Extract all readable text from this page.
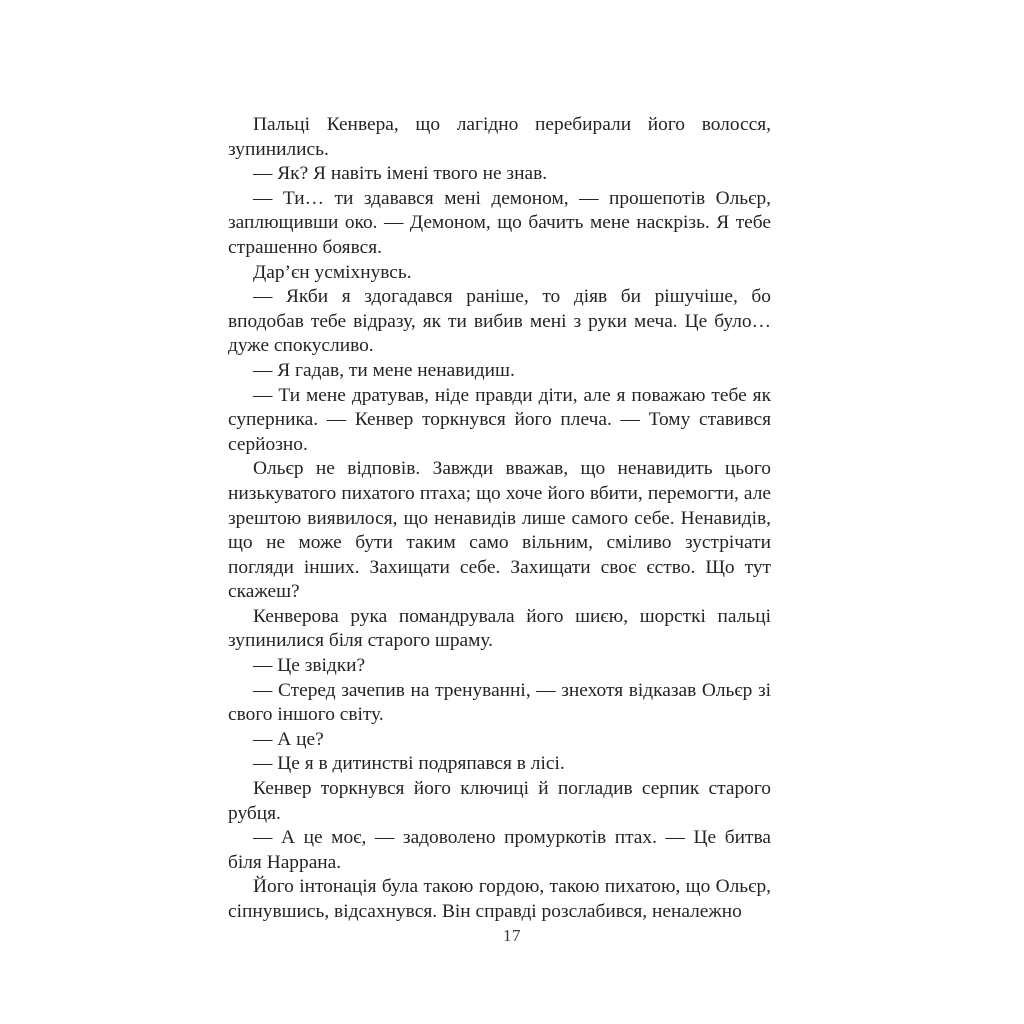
Пальці Кенвера, що лагідно перебирали його волосся, зупинились.

— Як? Я навіть імені твого не знав.

— Ти… ти здавався мені демоном, — прошепотів Ольєр, заплющивши око. — Демоном, що бачить мене наскрізь. Я тебе страшенно боявся.

Дар’єн усміхнувсь.

— Якби я здогадався раніше, то діяв би рішучіше, бо вподобав тебе відразу, як ти вибив мені з руки меча. Це було… дуже спокусливо.

— Я гадав, ти мене ненавидиш.

— Ти мене дратував, ніде правди діти, але я поважаю тебе як суперника. — Кенвер торкнувся його плеча. — Тому ставився серйозно.

Ольєр не відповів. Завжди вважав, що ненавидить цього низькуватого пихатого птаха; що хоче його вбити, перемогти, але зрештою виявилося, що ненавидів лише самого себе. Ненавидів, що не може бути таким само вільним, сміливо зустрічати погляди інших. Захищати себе. Захищати своє єство. Що тут скажеш?

Кенверова рука помандрувала його шиєю, шорсткі пальці зупинилися біля старого шраму.

— Це звідки?

— Стеред зачепив на тренуванні, — знехотя відказав Ольєр зі свого іншого світу.

— А це?

— Це я в дитинстві подряпався в лісі.

Кенвер торкнувся його ключиці й погладив серпик старого рубця.

— А це моє, — задоволено промуркотів птах. — Це битва біля Наррана.

Його інтонація була такою гордою, такою пихатою, що Ольєр, сіпнувшись, відсахнувся. Він справді розслабився, неналежно

17
